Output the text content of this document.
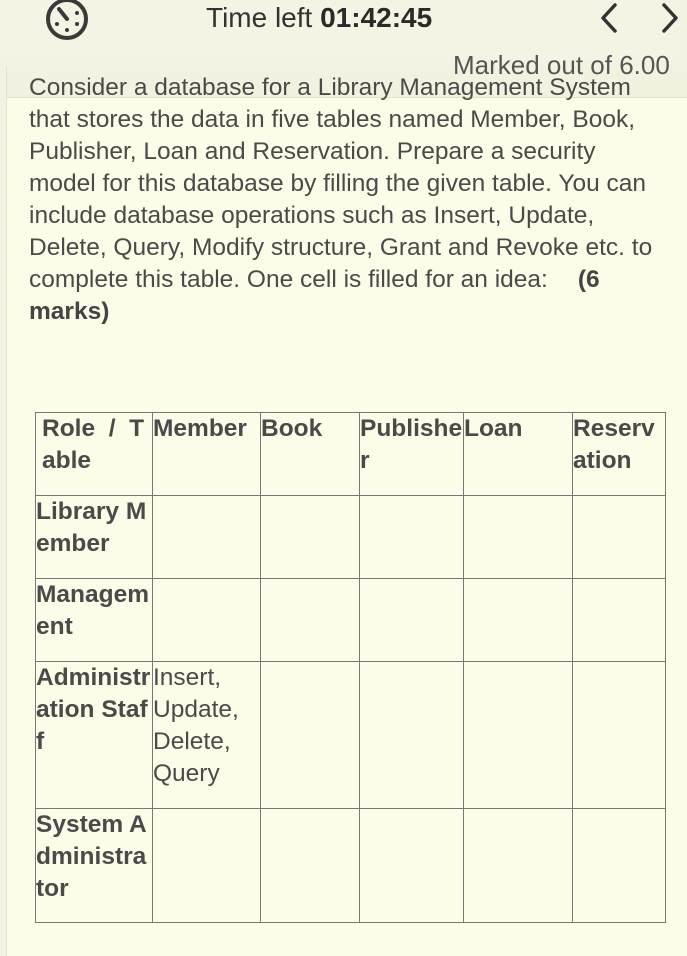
Time left 01:42:45
Marked out of 6.00

Consider a database for a Library Management System that stores the data in five tables named Member, Book, Publisher, Loan and Reservation. Prepare a security model for this database by filling the given table. You can include database operations such as Insert, Update, Delete, Query, Modify structure, Grant and Revoke etc. to complete this table. One cell is filled for an idea: (6 marks)

Role  /  Table	Member	Book	Publisher	Loan	Reservation
Library Member					
Management					
Administration Staff	Insert, Update, Delete, Query				
System Administrator					
